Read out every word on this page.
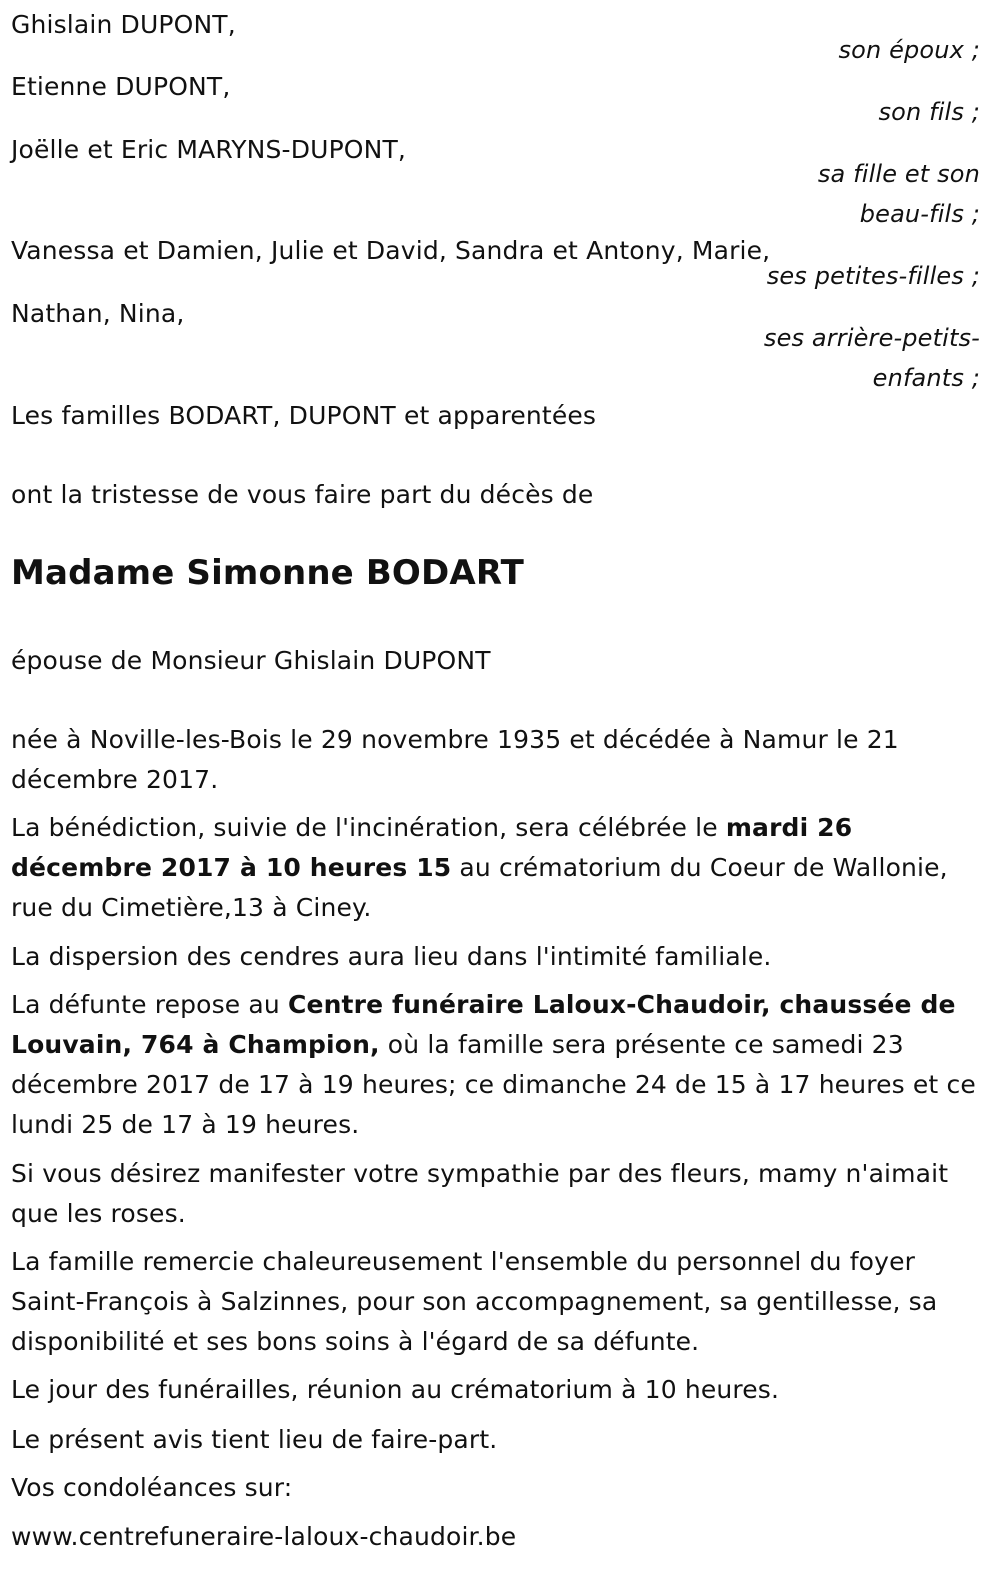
Ghislain DUPONT,

son époux ;

Etienne DUPONT,

son fils ;

Joëlle et Eric MARYNS-DUPONT,

sa fille et son

beau-fils ;

Vanessa et Damien, Julie et David, Sandra et Antony, Marie,

ses petites-filles ;

Nathan, Nina,

ses arrière-petits-

enfants ;

Les familles BODART, DUPONT et apparentées

ont la tristesse de vous faire part du décès de

Madame Simonne BODART

épouse de Monsieur Ghislain DUPONT

née à Noville-les-Bois le 29 novembre 1935 et décédée à Namur le 21 décembre 2017.

La bénédiction, suivie de l'incinération, sera célébrée le mardi 26 décembre 2017 à 10 heures 15 au crématorium du Coeur de Wallonie, rue du Cimetière,13 à Ciney.

La dispersion des cendres aura lieu dans l'intimité familiale.

La défunte repose au Centre funéraire Laloux-Chaudoir, chaussée de Louvain, 764 à Champion, où la famille sera présente ce samedi 23 décembre 2017 de 17 à 19 heures; ce dimanche 24 de 15 à 17 heures et ce lundi 25 de 17 à 19 heures.

Si vous désirez manifester votre sympathie par des fleurs, mamy n'aimait que les roses.

La famille remercie chaleureusement l'ensemble du personnel du foyer Saint-François à Salzinnes, pour son accompagnement, sa gentillesse, sa disponibilité et ses bons soins à l'égard de sa défunte.

Le jour des funérailles, réunion au crématorium à 10 heures.

Le présent avis tient lieu de faire-part.

Vos condoléances sur:

www.centrefuneraire-laloux-chaudoir.be
